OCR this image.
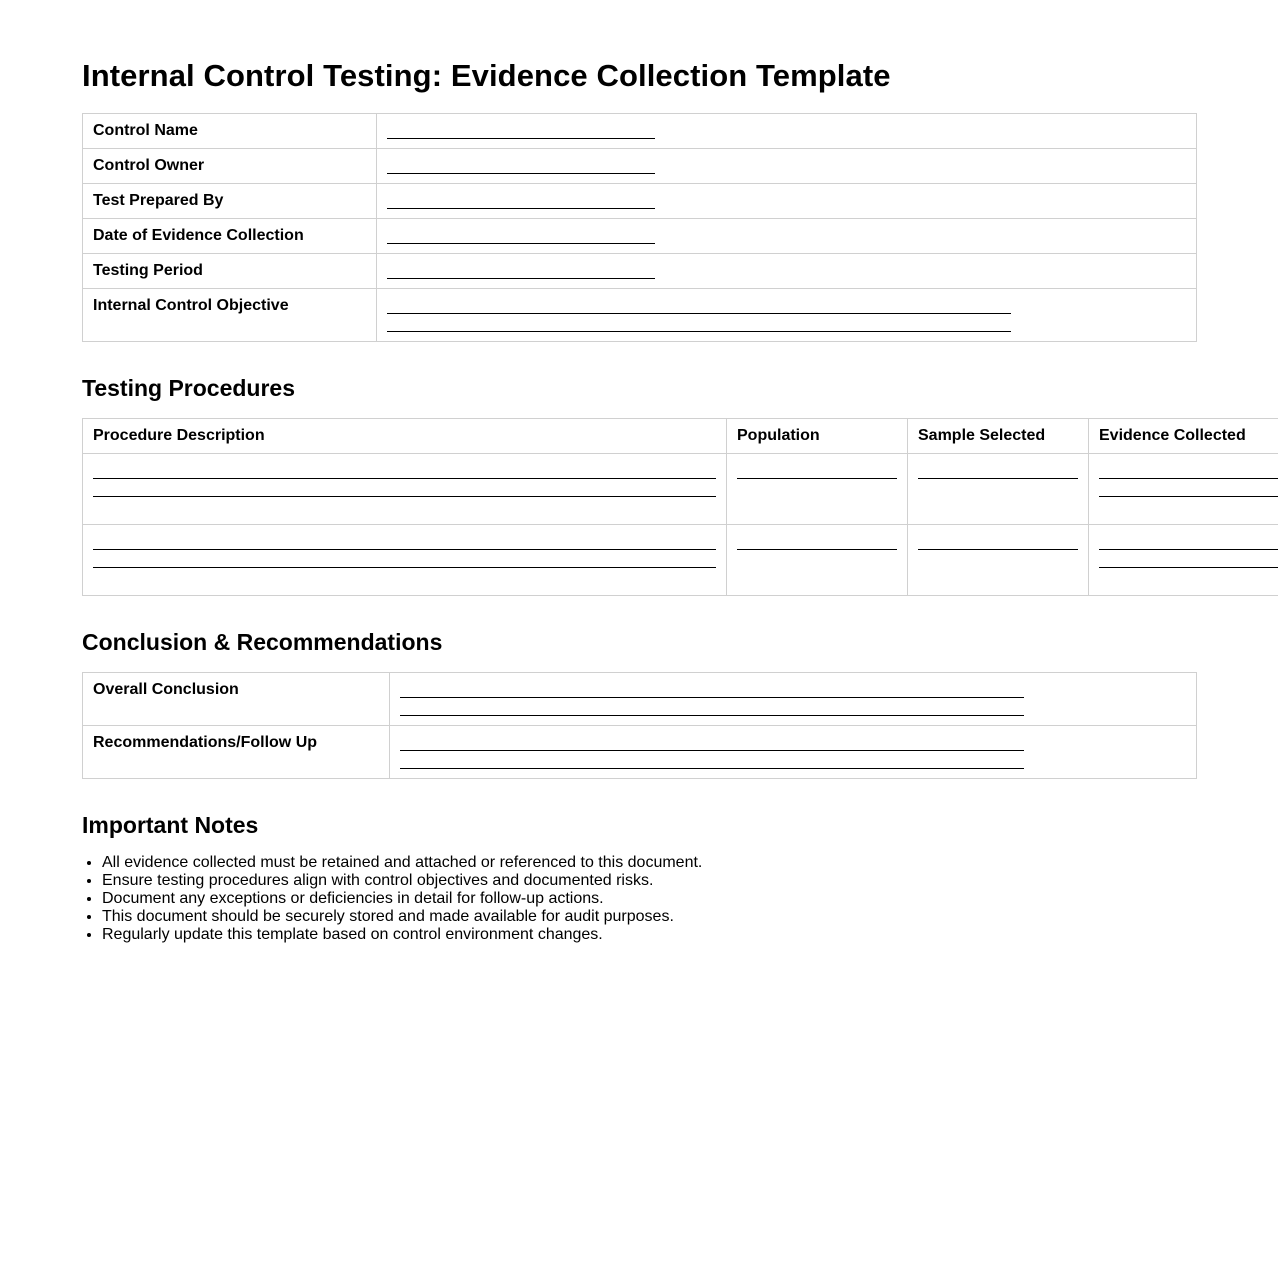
Internal Control Testing: Evidence Collection Template
Control Name	

Control Owner	

Test Prepared By	

Date of Evidence Collection	

Testing Period	

Internal Control Objective	
Testing Procedures
Procedure Description	Population	Sample Selected	Evidence Collected

Conclusion & Recommendations
Overall Conclusion	

Recommendations/Follow Up	
Important Notes
• All evidence collected must be retained and attached or referenced to this document.
• Ensure testing procedures align with control objectives and documented risks.
• Document any exceptions or deficiencies in detail for follow-up actions.
• This document should be securely stored and made available for audit purposes.
• Regularly update this template based on control environment changes.
